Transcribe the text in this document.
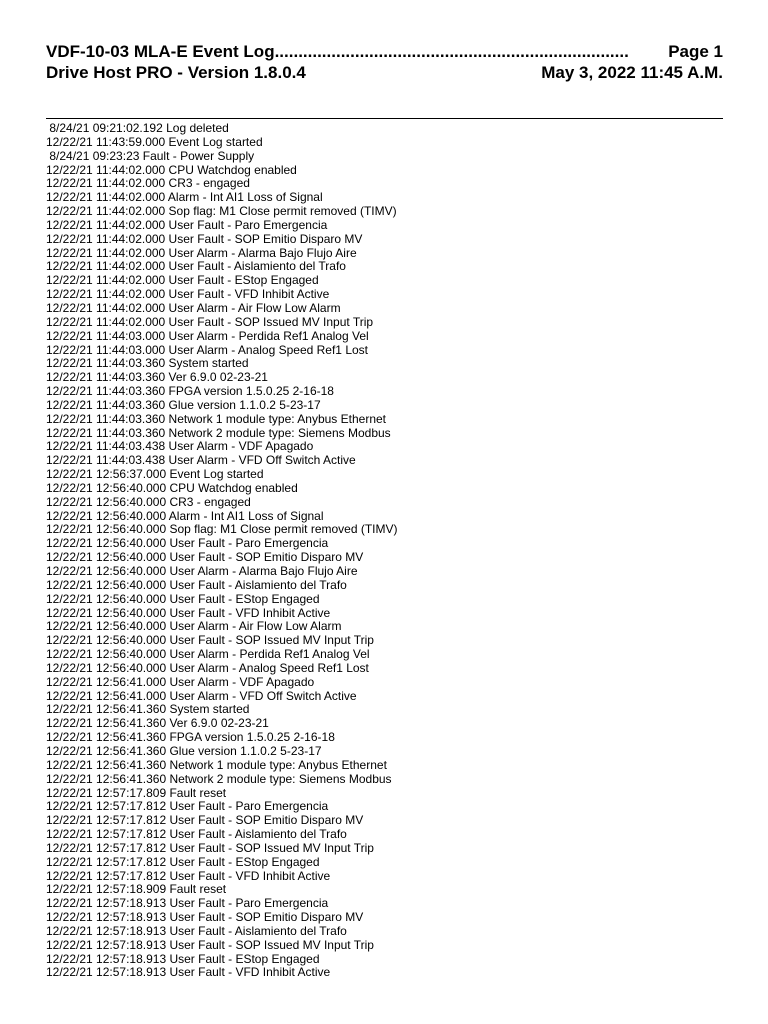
VDF-10-03 MLA-E Event Log...........................................................................	Page 1
Drive Host PRO - Version 1.8.0.4	May 3, 2022 11:45 A.M.
8/24/21 09:21:02.192 Log deleted
12/22/21 11:43:59.000 Event Log started
8/24/21 09:23:23 Fault - Power Supply
12/22/21 11:44:02.000 CPU Watchdog enabled
12/22/21 11:44:02.000 CR3 - engaged
12/22/21 11:44:02.000 Alarm - Int AI1 Loss of Signal
12/22/21 11:44:02.000 Sop flag: M1 Close permit removed (TIMV)
12/22/21 11:44:02.000 User Fault - Paro Emergencia
12/22/21 11:44:02.000 User Fault - SOP Emitio Disparo MV
12/22/21 11:44:02.000 User Alarm - Alarma Bajo Flujo Aire
12/22/21 11:44:02.000 User Fault - Aislamiento del Trafo
12/22/21 11:44:02.000 User Fault - EStop Engaged
12/22/21 11:44:02.000 User Fault - VFD Inhibit Active
12/22/21 11:44:02.000 User Alarm - Air Flow Low Alarm
12/22/21 11:44:02.000 User Fault - SOP Issued MV Input Trip
12/22/21 11:44:03.000 User Alarm - Perdida Ref1 Analog Vel
12/22/21 11:44:03.000 User Alarm - Analog Speed Ref1 Lost
12/22/21 11:44:03.360 System started
12/22/21 11:44:03.360 Ver 6.9.0 02-23-21
12/22/21 11:44:03.360 FPGA version 1.5.0.25 2-16-18
12/22/21 11:44:03.360 Glue version 1.1.0.2 5-23-17
12/22/21 11:44:03.360 Network 1 module type: Anybus Ethernet
12/22/21 11:44:03.360 Network 2 module type: Siemens Modbus
12/22/21 11:44:03.438 User Alarm - VDF Apagado
12/22/21 11:44:03.438 User Alarm - VFD Off Switch Active
12/22/21 12:56:37.000 Event Log started
12/22/21 12:56:40.000 CPU Watchdog enabled
12/22/21 12:56:40.000 CR3 - engaged
12/22/21 12:56:40.000 Alarm - Int AI1 Loss of Signal
12/22/21 12:56:40.000 Sop flag: M1 Close permit removed (TIMV)
12/22/21 12:56:40.000 User Fault - Paro Emergencia
12/22/21 12:56:40.000 User Fault - SOP Emitio Disparo MV
12/22/21 12:56:40.000 User Alarm - Alarma Bajo Flujo Aire
12/22/21 12:56:40.000 User Fault - Aislamiento del Trafo
12/22/21 12:56:40.000 User Fault - EStop Engaged
12/22/21 12:56:40.000 User Fault - VFD Inhibit Active
12/22/21 12:56:40.000 User Alarm - Air Flow Low Alarm
12/22/21 12:56:40.000 User Fault - SOP Issued MV Input Trip
12/22/21 12:56:40.000 User Alarm - Perdida Ref1 Analog Vel
12/22/21 12:56:40.000 User Alarm - Analog Speed Ref1 Lost
12/22/21 12:56:41.000 User Alarm - VDF Apagado
12/22/21 12:56:41.000 User Alarm - VFD Off Switch Active
12/22/21 12:56:41.360 System started
12/22/21 12:56:41.360 Ver 6.9.0 02-23-21
12/22/21 12:56:41.360 FPGA version 1.5.0.25 2-16-18
12/22/21 12:56:41.360 Glue version 1.1.0.2 5-23-17
12/22/21 12:56:41.360 Network 1 module type: Anybus Ethernet
12/22/21 12:56:41.360 Network 2 module type: Siemens Modbus
12/22/21 12:57:17.809 Fault reset
12/22/21 12:57:17.812 User Fault - Paro Emergencia
12/22/21 12:57:17.812 User Fault - SOP Emitio Disparo MV
12/22/21 12:57:17.812 User Fault - Aislamiento del Trafo
12/22/21 12:57:17.812 User Fault - SOP Issued MV Input Trip
12/22/21 12:57:17.812 User Fault - EStop Engaged
12/22/21 12:57:17.812 User Fault - VFD Inhibit Active
12/22/21 12:57:18.909 Fault reset
12/22/21 12:57:18.913 User Fault - Paro Emergencia
12/22/21 12:57:18.913 User Fault - SOP Emitio Disparo MV
12/22/21 12:57:18.913 User Fault - Aislamiento del Trafo
12/22/21 12:57:18.913 User Fault - SOP Issued MV Input Trip
12/22/21 12:57:18.913 User Fault - EStop Engaged
12/22/21 12:57:18.913 User Fault - VFD Inhibit Active
